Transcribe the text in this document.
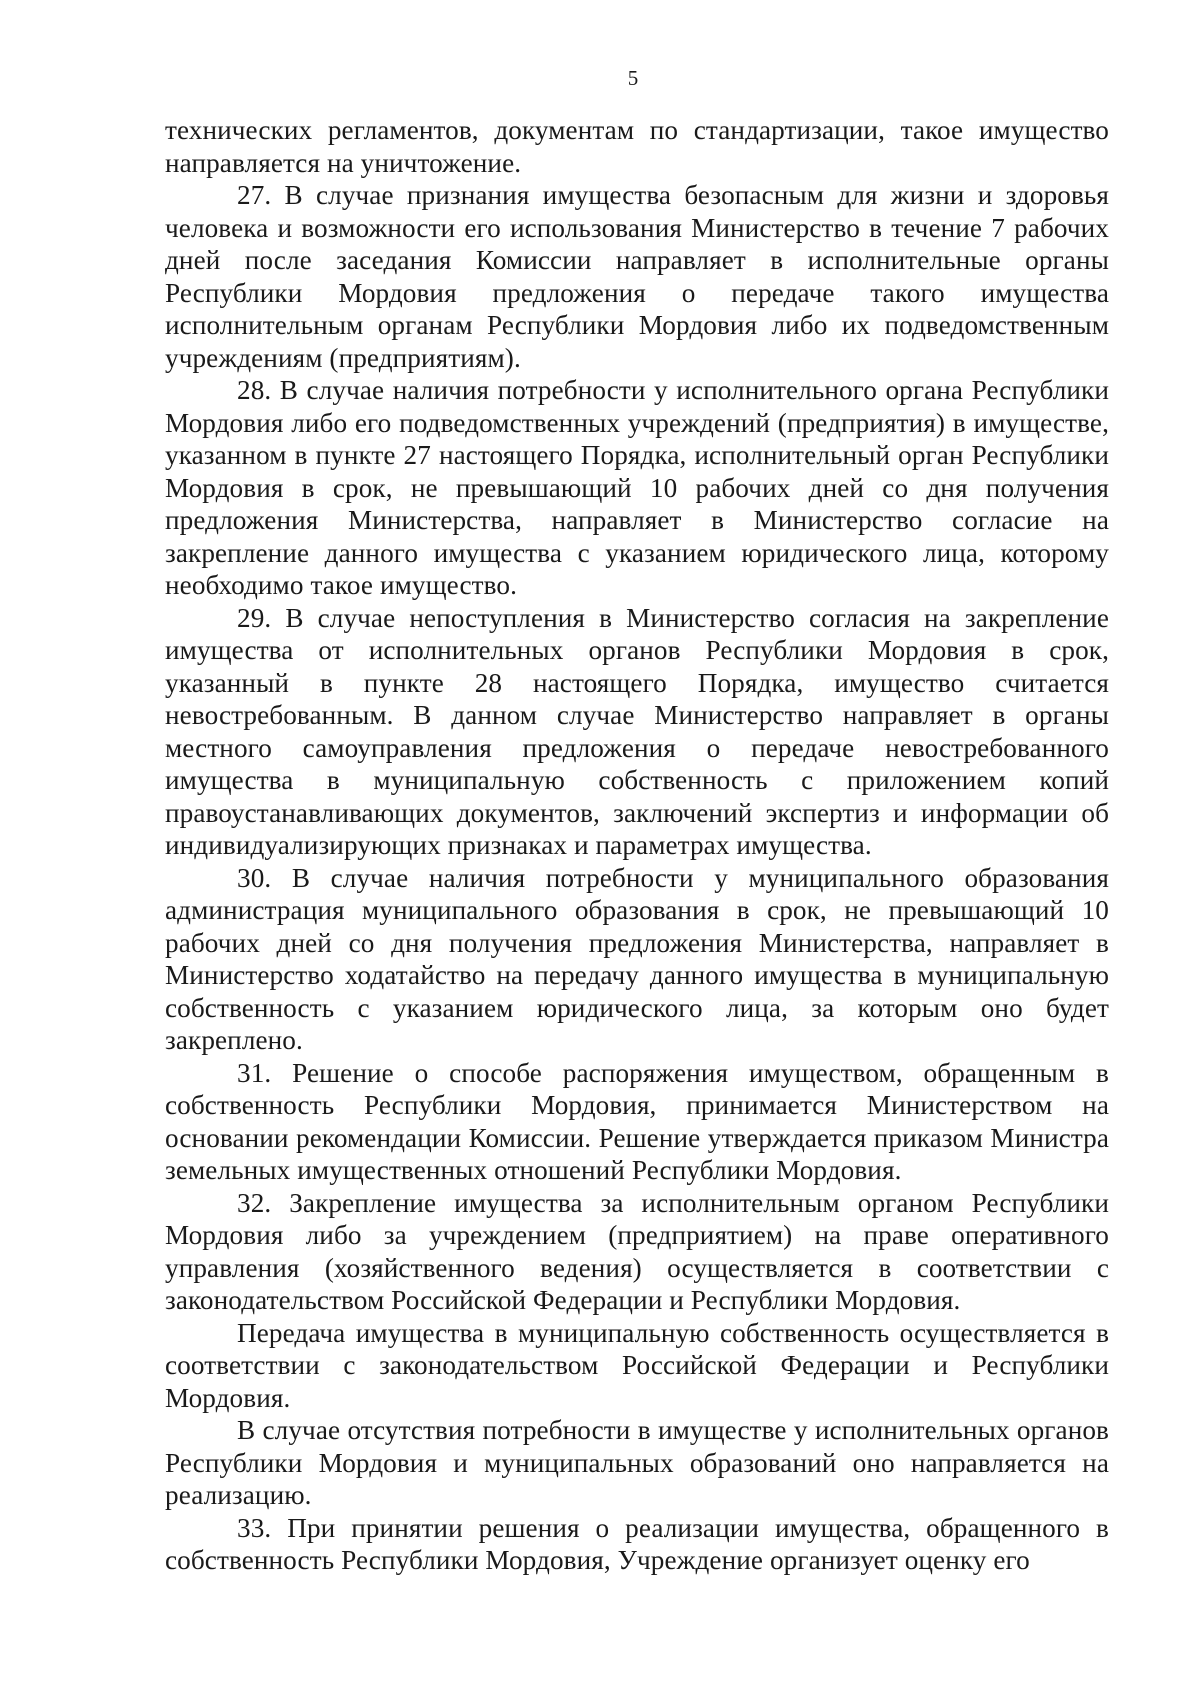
5

технических регламентов, документам по стандартизации, такое имущество направляется на уничтожение.

27. В случае признания имущества безопасным для жизни и здоровья человека и возможности его использования Министерство в течение 7 рабочих дней после заседания Комиссии направляет в исполнительные органы Республики Мордовия предложения о передаче такого имущества исполнительным органам Республики Мордовия либо их подведомственным учреждениям (предприятиям).

28. В случае наличия потребности у исполнительного органа Республики Мордовия либо его подведомственных учреждений (предприятия) в имуществе, указанном в пункте 27 настоящего Порядка, исполнительный орган Республики Мордовия в срок, не превышающий 10 рабочих дней со дня получения предложения Министерства, направляет в Министерство согласие на закрепление данного имущества с указанием юридического лица, которому необходимо такое имущество.

29. В случае непоступления в Министерство согласия на закрепление имущества от исполнительных органов Республики Мордовия в срок, указанный в пункте 28 настоящего Порядка, имущество считается невостребованным. В данном случае Министерство направляет в органы местного самоуправления предложения о передаче невостребованного имущества в муниципальную собственность с приложением копий правоустанавливающих документов, заключений экспертиз и информации об индивидуализирующих признаках и параметрах имущества.

30. В случае наличия потребности у муниципального образования администрация муниципального образования в срок, не превышающий 10 рабочих дней со дня получения предложения Министерства, направляет в Министерство ходатайство на передачу данного имущества в муниципальную собственность с указанием юридического лица, за которым оно будет закреплено.

31. Решение о способе распоряжения имуществом, обращенным в собственность Республики Мордовия, принимается Министерством на основании рекомендации Комиссии. Решение утверждается приказом Министра земельных имущественных отношений Республики Мордовия.

32. Закрепление имущества за исполнительным органом Республики Мордовия либо за учреждением (предприятием) на праве оперативного управления (хозяйственного ведения) осуществляется в соответствии с законодательством Российской Федерации и Республики Мордовия.

Передача имущества в муниципальную собственность осуществляется в соответствии с законодательством Российской Федерации и Республики Мордовия.

В случае отсутствия потребности в имуществе у исполнительных органов Республики Мордовия и муниципальных образований оно направляется на реализацию.

33. При принятии решения о реализации имущества, обращенного в собственность Республики Мордовия, Учреждение организует оценку его
